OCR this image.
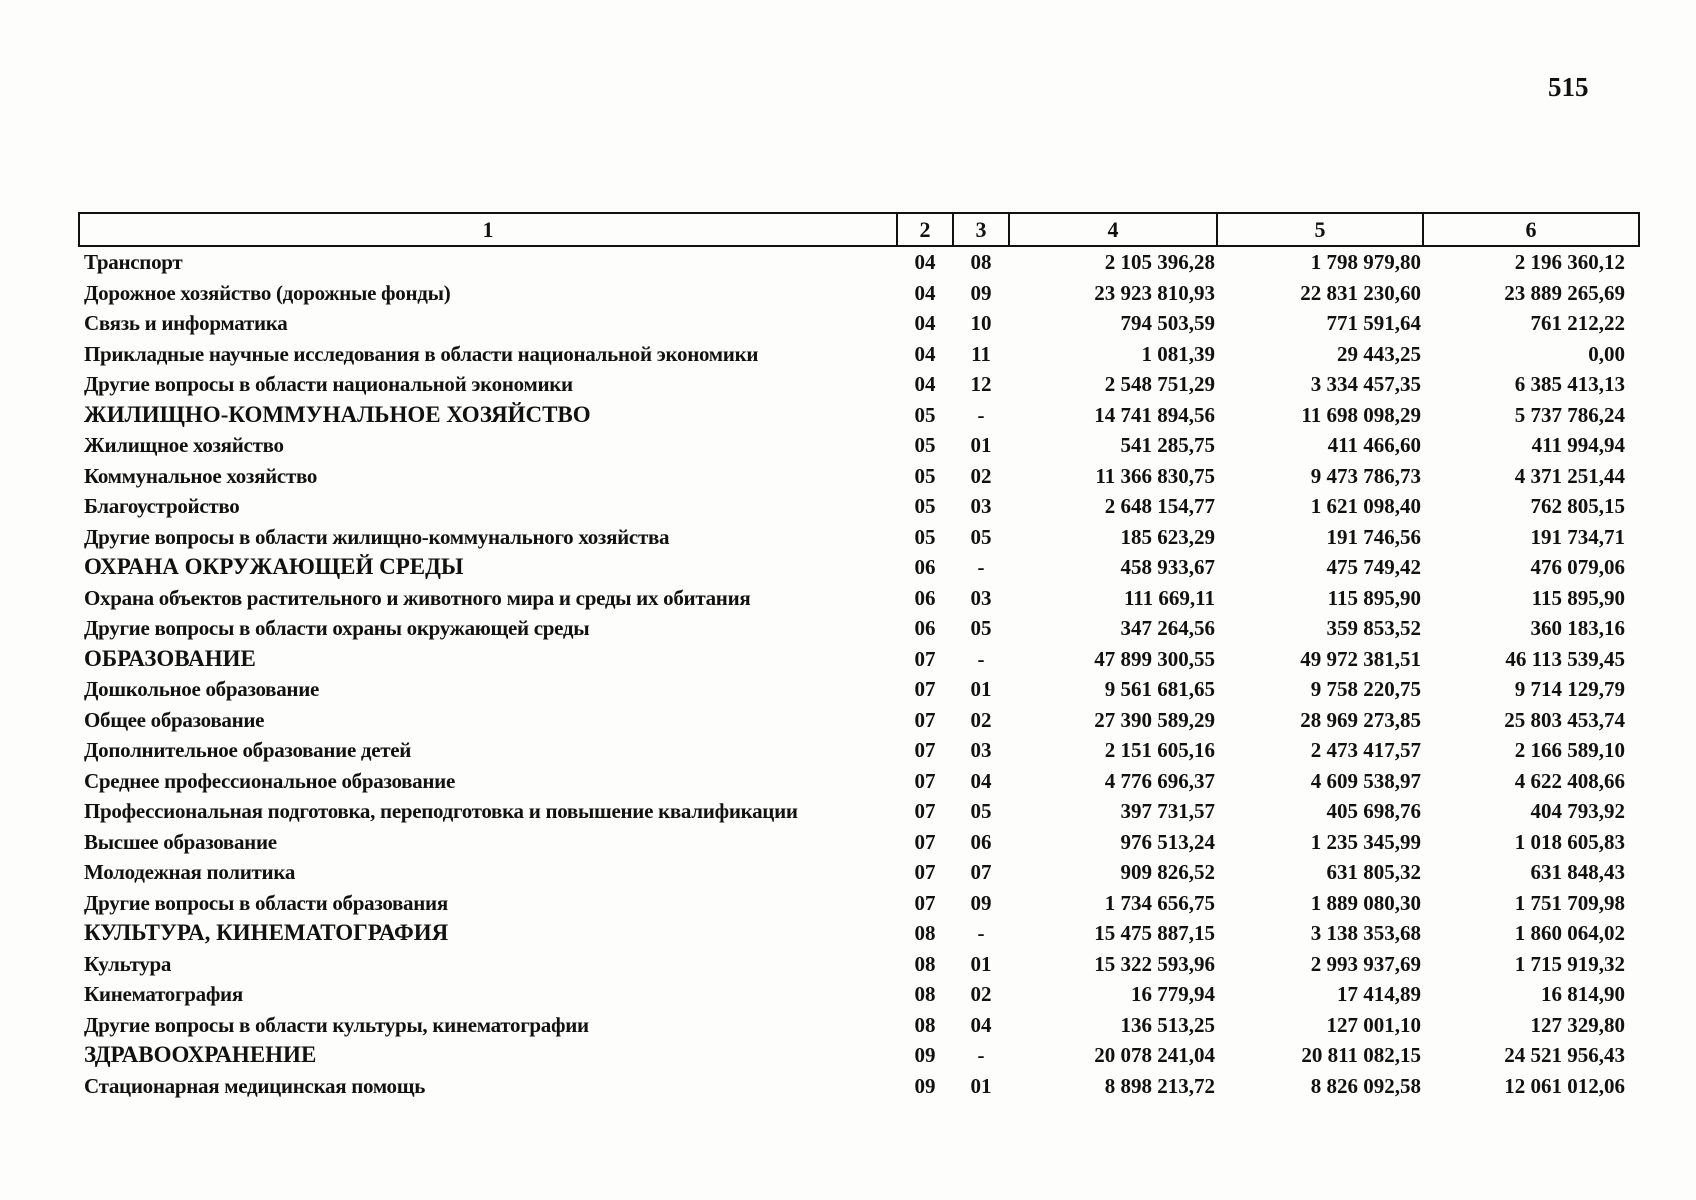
515
1	2	3	4	5	6
Транспорт	04	08	2 105 396,28	1 798 979,80	2 196 360,12
Дорожное хозяйство (дорожные фонды)	04	09	23 923 810,93	22 831 230,60	23 889 265,69
Связь и информатика	04	10	794 503,59	771 591,64	761 212,22
Прикладные научные исследования в области национальной экономики	04	11	1 081,39	29 443,25	0,00
Другие вопросы в области национальной экономики	04	12	2 548 751,29	3 334 457,35	6 385 413,13
ЖИЛИЩНО-КОММУНАЛЬНОЕ ХОЗЯЙСТВО	05	-	14 741 894,56	11 698 098,29	5 737 786,24
Жилищное хозяйство	05	01	541 285,75	411 466,60	411 994,94
Коммунальное хозяйство	05	02	11 366 830,75	9 473 786,73	4 371 251,44
Благоустройство	05	03	2 648 154,77	1 621 098,40	762 805,15
Другие вопросы в области жилищно-коммунального хозяйства	05	05	185 623,29	191 746,56	191 734,71
ОХРАНА ОКРУЖАЮЩЕЙ СРЕДЫ	06	-	458 933,67	475 749,42	476 079,06
Охрана объектов растительного и животного мира и среды их обитания	06	03	111 669,11	115 895,90	115 895,90
Другие вопросы в области охраны окружающей среды	06	05	347 264,56	359 853,52	360 183,16
ОБРАЗОВАНИЕ	07	-	47 899 300,55	49 972 381,51	46 113 539,45
Дошкольное образование	07	01	9 561 681,65	9 758 220,75	9 714 129,79
Общее образование	07	02	27 390 589,29	28 969 273,85	25 803 453,74
Дополнительное образование детей	07	03	2 151 605,16	2 473 417,57	2 166 589,10
Среднее профессиональное образование	07	04	4 776 696,37	4 609 538,97	4 622 408,66
Профессиональная подготовка, переподготовка и повышение квалификации	07	05	397 731,57	405 698,76	404 793,92
Высшее образование	07	06	976 513,24	1 235 345,99	1 018 605,83
Молодежная политика	07	07	909 826,52	631 805,32	631 848,43
Другие вопросы в области образования	07	09	1 734 656,75	1 889 080,30	1 751 709,98
КУЛЬТУРА, КИНЕМАТОГРАФИЯ	08	-	15 475 887,15	3 138 353,68	1 860 064,02
Культура	08	01	15 322 593,96	2 993 937,69	1 715 919,32
Кинематография	08	02	16 779,94	17 414,89	16 814,90
Другие вопросы в области культуры, кинематографии	08	04	136 513,25	127 001,10	127 329,80
ЗДРАВООХРАНЕНИЕ	09	-	20 078 241,04	20 811 082,15	24 521 956,43
Стационарная медицинская помощь	09	01	8 898 213,72	8 826 092,58	12 061 012,06
